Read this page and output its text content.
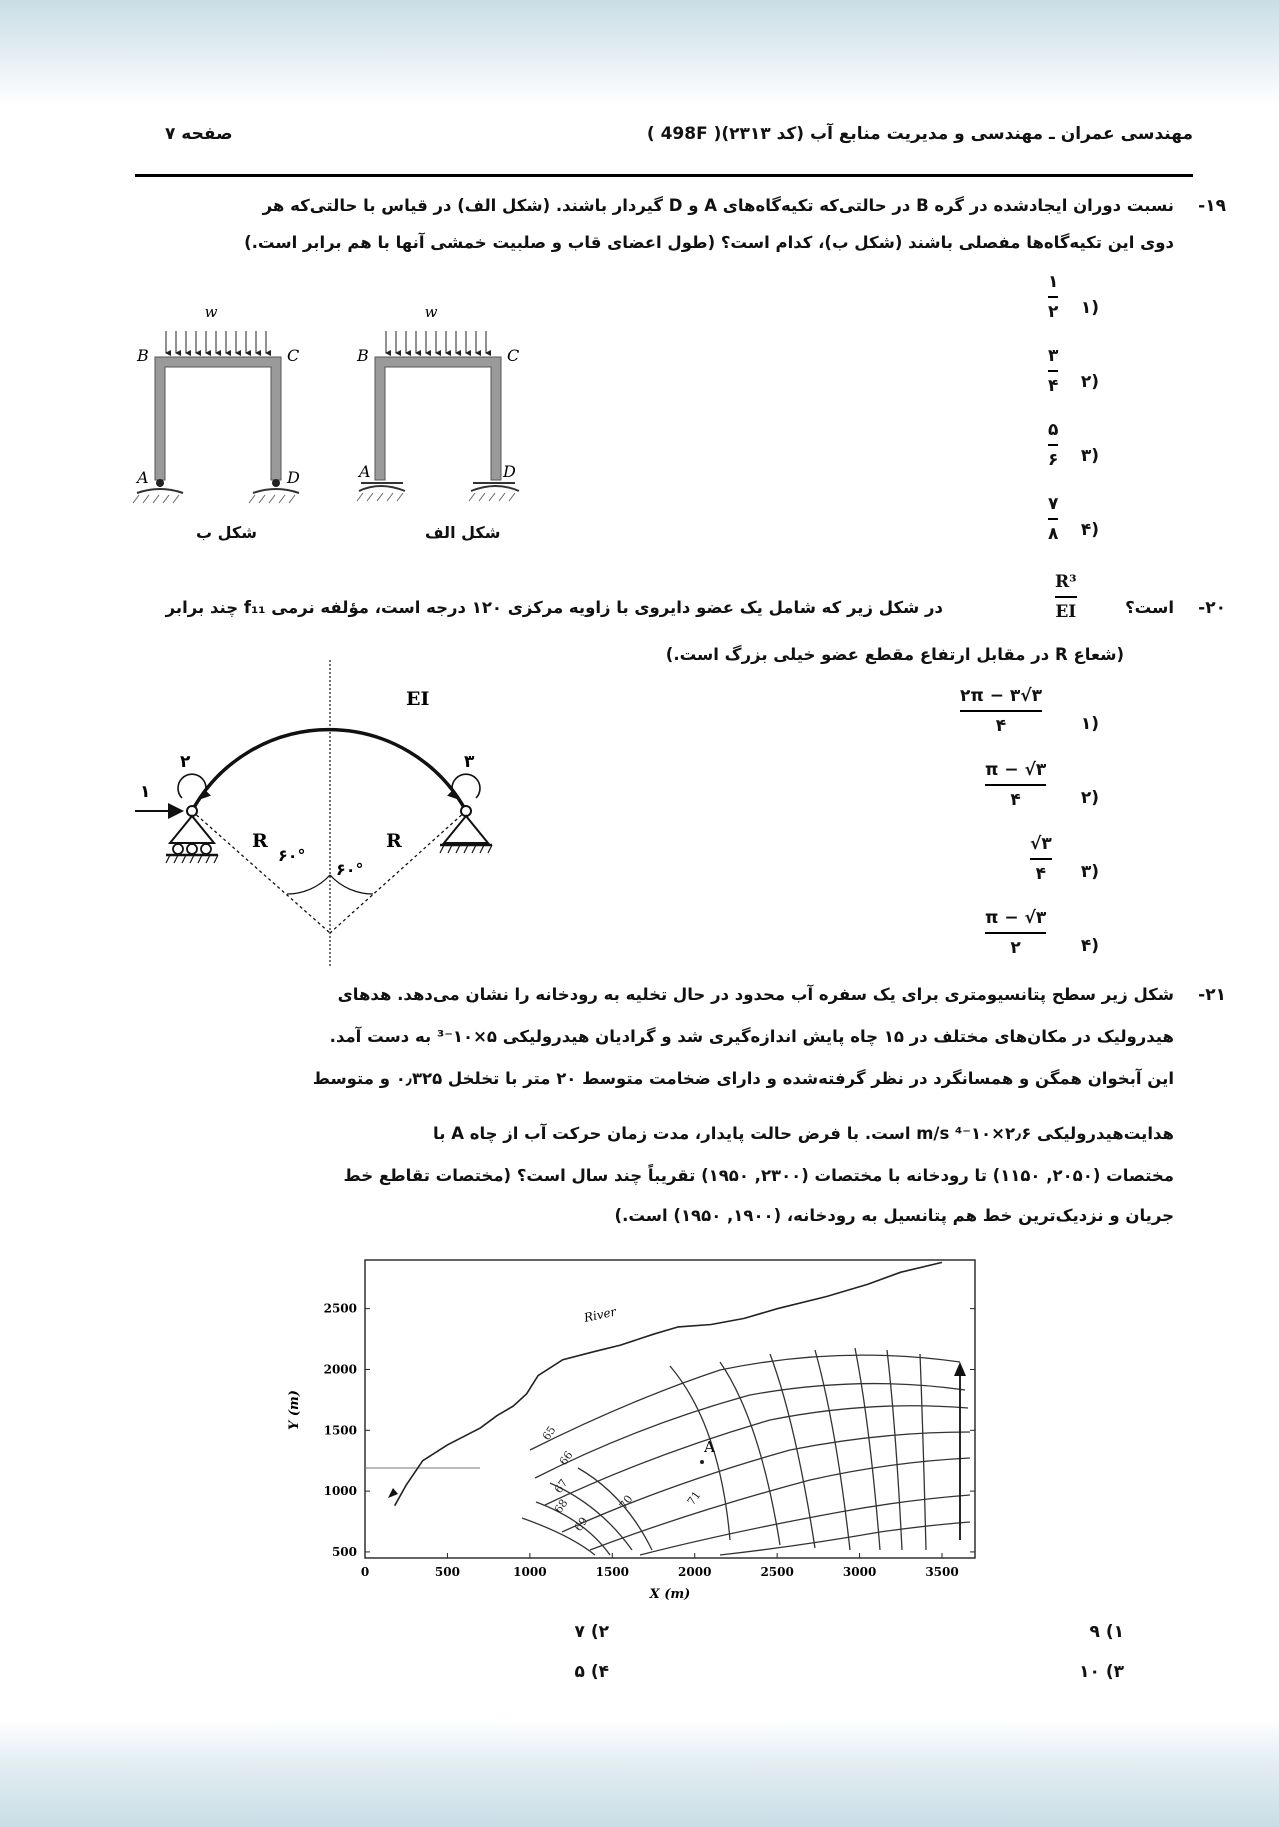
مهندسی عمران ـ مهندسی و مدیریت منابع آب (کد ۲۳۱۳)( 498F )
صفحه ۷
۱۹-
نسبت دوران ایجادشده در گره B در حالتی‌که تکیه‌گاه‌های A و D گیردار باشند. (شکل الف) در قیاس با حالتی‌که هر
دوی این تکیه‌گاه‌ها مفصلی باشند (شکل ب)، کدام است؟ (طول اعضای قاب و صلبیت خمشی آنها با هم برابر است.)
(۱
۱
۲
(۲
۳
۴
(۳
۵
۶
(۴
۷
۸
w
B	C
A	D
w
B	C
A	D
شکل ب	شکل الف
۲۰-
در شکل زیر که شامل یک عضو دایروی با زاویه مرکزی ۱۲۰ درجه است، مؤلفه نرمی f₁₁ چند برابر
R³
EI	است؟
(شعاع R در مقابل ارتفاع مقطع عضو خیلی بزرگ است.)
(۱
۲π − ۳√۳
۴
(۲
π − √۳
۴
(۳
√۳
۴
(۴
π − √۳
۲
۱
۲	۳
EI
R	R
۶۰°
۶۰°
۲۱-
شکل زیر سطح پتانسیومتری برای یک سفره آب محدود در حال تخلیه به رودخانه را نشان می‌دهد. هدهای
هیدرولیک در مکان‌های مختلف در ۱۵ چاه پایش اندازه‌گیری شد و گرادیان هیدرولیکی ۵×۱۰⁻³ به دست آمد.
این آبخوان همگن و همسانگرد در نظر گرفته‌شده و دارای ضخامت متوسط ۲۰ متر با تخلخل ۰٫۳۲۵ و متوسط
هدایت‌هیدرولیکی ۲٫۶×۱۰⁻⁴ m/s است. با فرض حالت پایدار، مدت زمان حرکت آب از چاه A با
مختصات (۲۰۵۰, ۱۱۵۰) تا رودخانه با مختصات (۲۳۰۰, ۱۹۵۰) تقریباً چند سال است؟ (مختصات تقاطع خط
جریان و نزدیک‌ترین خط هم پتانسیل به رودخانه، (۱۹۰۰, ۱۹۵۰) است.)
0	500	1000	1500	2000	2500	3000	3500
500
1000
1500
2000
2500	River
A
65
66
67
68
69
70	71
X (m)
Y (m)
۱) ۹
۲) ۷
۳) ۱۰
۴) ۵
